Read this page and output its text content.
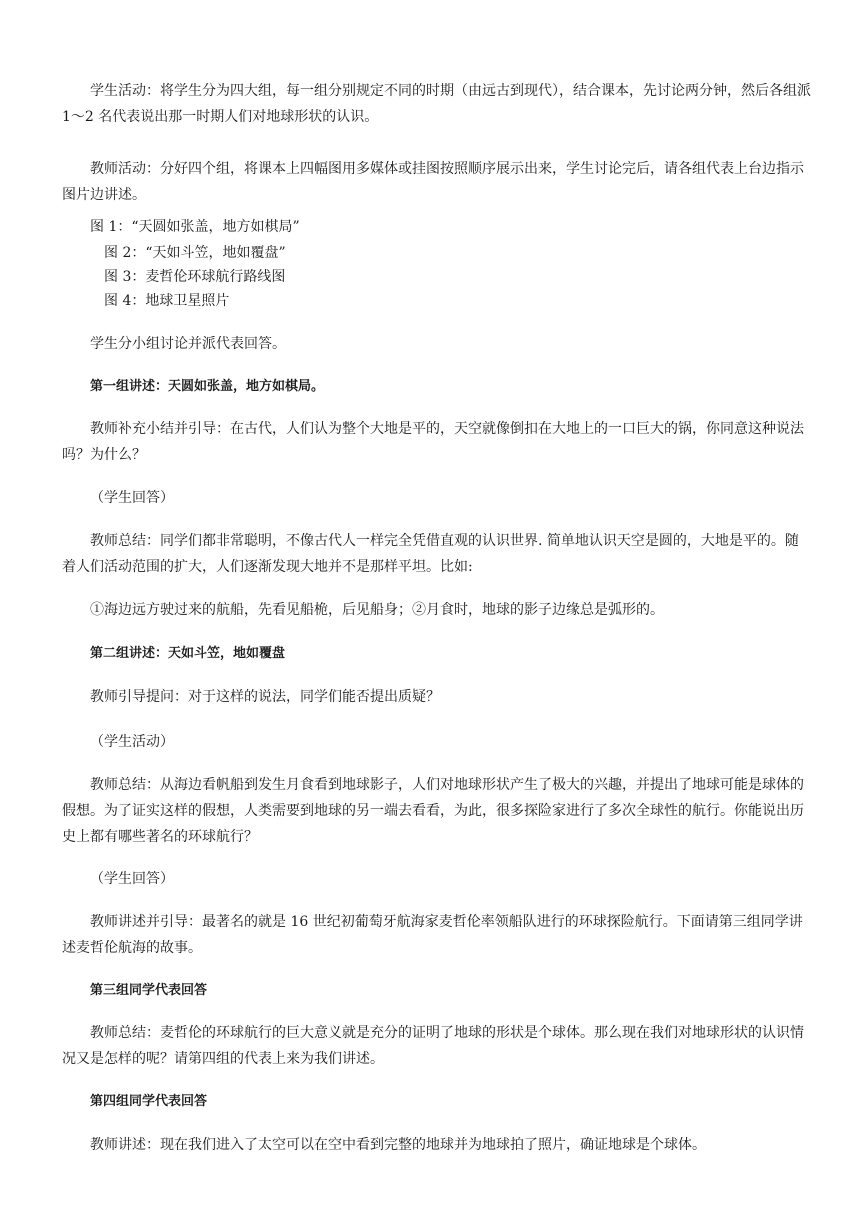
学生活动：将学生分为四大组，每一组分别规定不同的时期（由远古到现代），结合课本，先讨论两分钟，然后各组派 1～2 名代表说出那一时期人们对地球形状的认识。

教师活动：分好四个组，将课本上四幅图用多媒体或挂图按照顺序展示出来，学生讨论完后，请各组代表上台边指示图片边讲述。

图 1：“天圆如张盖，地方如棋局”

图 2：“天如斗笠，地如覆盘”

图 3：麦哲伦环球航行路线图

图 4：地球卫星照片

学生分小组讨论并派代表回答。

第一组讲述：天圆如张盖，地方如棋局。

教师补充小结并引导：在古代，人们认为整个大地是平的，天空就像倒扣在大地上的一口巨大的锅，你同意这种说法吗？为什么？

（学生回答）

教师总结：同学们都非常聪明，不像古代人一样完全凭借直观的认识世界. 简单地认识天空是圆的，大地是平的。随着人们活动范围的扩大，人们逐渐发现大地并不是那样平坦。比如:

①海边远方驶过来的航船，先看见船桅，后见船身；②月食时，地球的影子边缘总是弧形的。

第二组讲述：天如斗笠，地如覆盘

教师引导提问：对于这样的说法，同学们能否提出质疑？

（学生活动）

教师总结：从海边看帆船到发生月食看到地球影子，人们对地球形状产生了极大的兴趣，并提出了地球可能是球体的假想。为了证实这样的假想，人类需要到地球的另一端去看看，为此，很多探险家进行了多次全球性的航行。你能说出历史上都有哪些著名的环球航行？

（学生回答）

教师讲述并引导：最著名的就是 16 世纪初葡萄牙航海家麦哲伦率领船队进行的环球探险航行。下面请第三组同学讲述麦哲伦航海的故事。

第三组同学代表回答

教师总结：麦哲伦的环球航行的巨大意义就是充分的证明了地球的形状是个球体。那么现在我们对地球形状的认识情况又是怎样的呢？请第四组的代表上来为我们讲述。

第四组同学代表回答

教师讲述：现在我们进入了太空可以在空中看到完整的地球并为地球拍了照片，确证地球是个球体。
